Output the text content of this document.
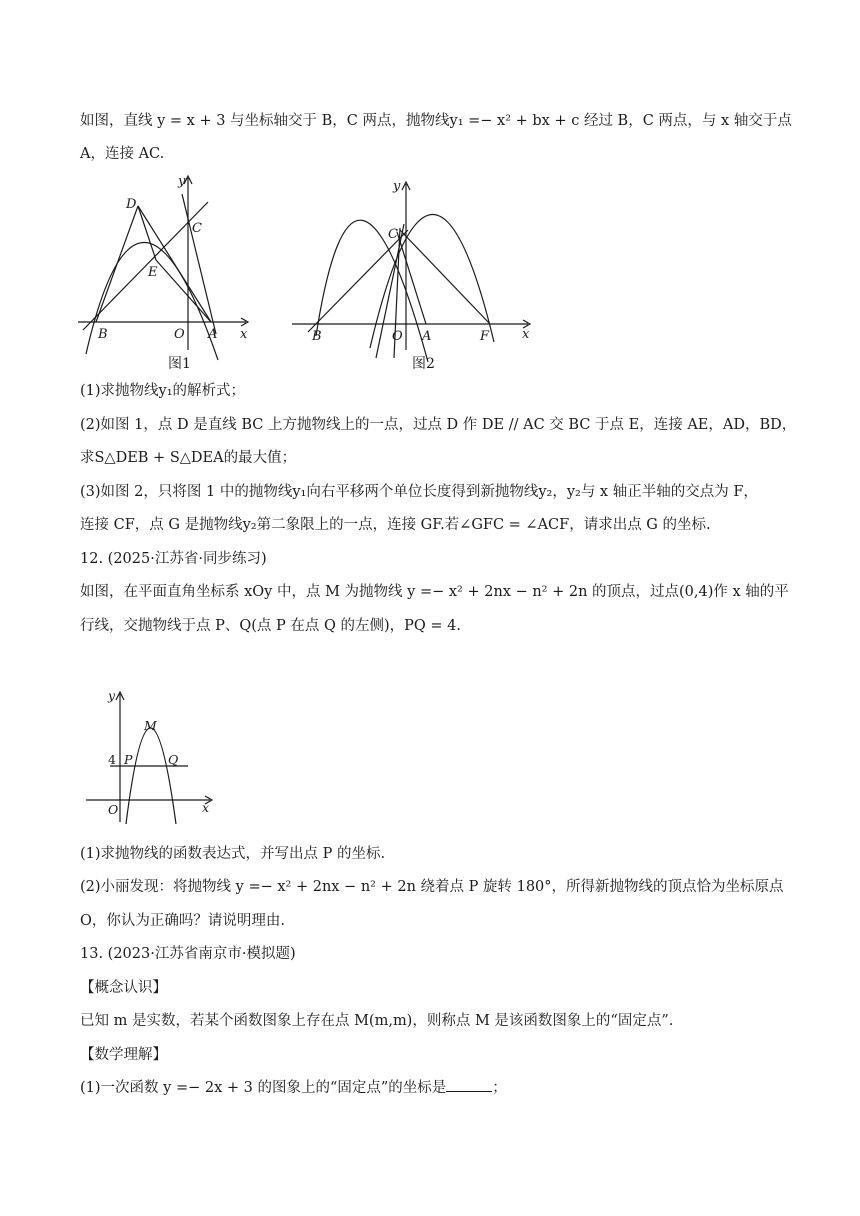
如图，直线 y = x + 3 与坐标轴交于 B，C 两点，抛物线y₁ =− x² + bx + c 经过 B，C 两点，与 x 轴交于点
A，连接 AC.
x
y
O A
B
C
D
E
图1
x
y
O A
B
C
F
图2
(1)求抛物线y₁的解析式；
(2)如图 1，点 D 是直线 BC 上方抛物线上的一点，过点 D 作 DE // AC 交 BC 于点 E，连接 AE，AD，BD，
求S△DEB + S△DEA的最大值；
(3)如图 2，只将图 1 中的抛物线y₁向右平移两个单位长度得到新抛物线y₂，y₂与 x 轴正半轴的交点为 F，
连接 CF，点 G 是抛物线y₂第二象限上的一点，连接 GF.若∠GFC = ∠ACF，请求出点 G 的坐标.
12. (2025·江苏省·同步练习)
如图，在平面直角坐标系 xOy 中，点 M 为抛物线 y =− x² + 2nx − n² + 2n 的顶点，过点(0,4)作 x 轴的平
行线，交抛物线于点 P、Q(点 P 在点 Q 的左侧)，PQ = 4.
x
y
O
M
P	Q
4
(1)求抛物线的函数表达式，并写出点 P 的坐标.
(2)小丽发现：将抛物线 y =− x² + 2nx − n² + 2n 绕着点 P 旋转 180°，所得新抛物线的顶点恰为坐标原点
O，你认为正确吗？请说明理由.
13. (2023·江苏省南京市·模拟题)
【概念认识】
已知 m 是实数，若某个函数图象上存在点 M(m,m)，则称点 M 是该函数图象上的“固定点”.
【数学理解】
(1)一次函数 y =− 2x + 3 的图象上的“固定点”的坐标是	；
